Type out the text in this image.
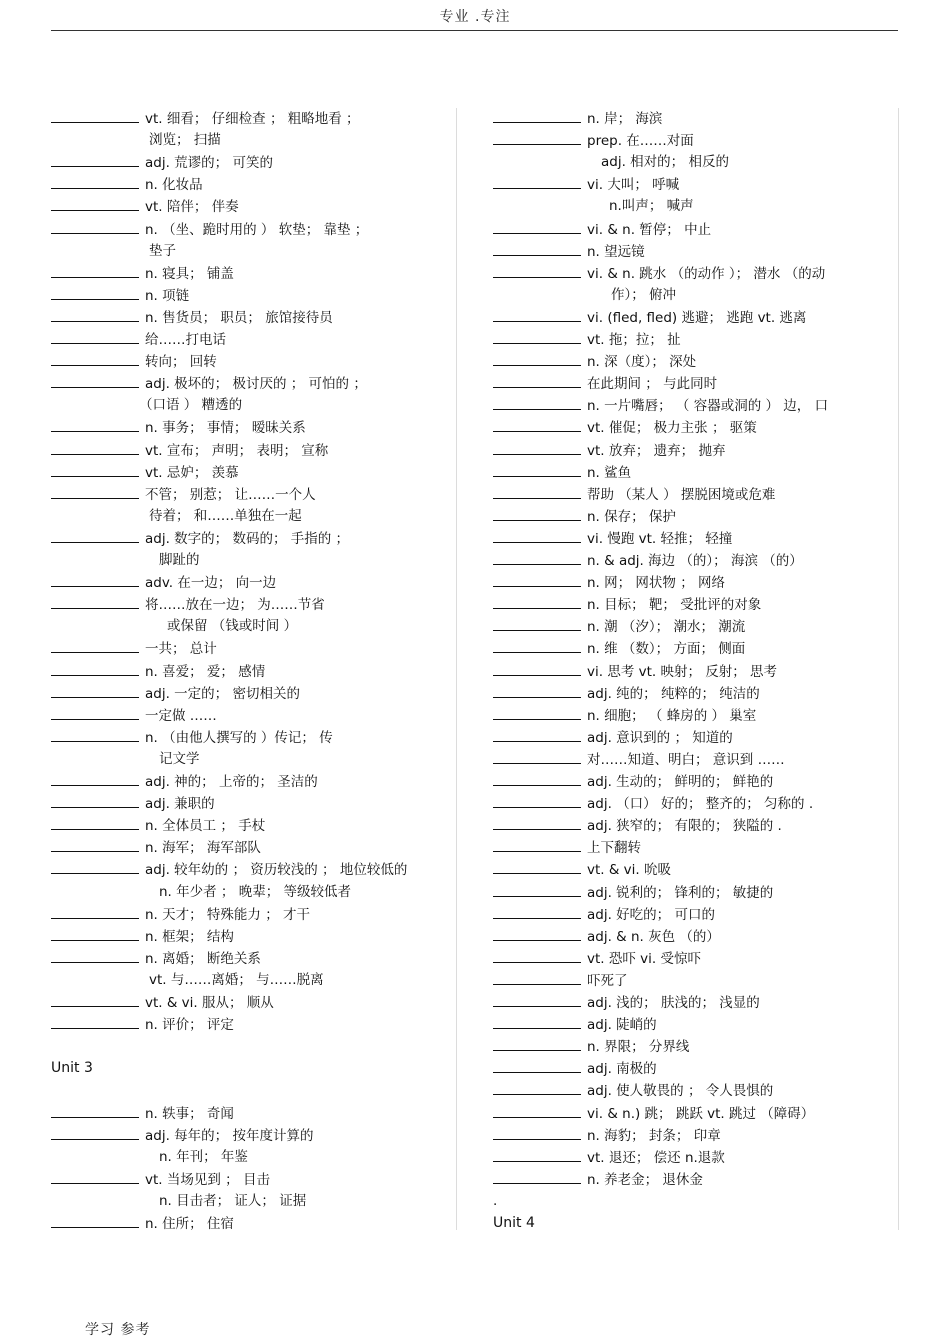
专业 .专注
vt. 细看； 仔细检查 ； 粗略地看 ；
浏览； 扫描
adj. 荒谬的； 可笑的
n. 化妆品
vt. 陪伴； 伴奏
n. （坐、跪时用的 ） 软垫； 靠垫 ；
垫子
n. 寝具； 铺盖
n. 项链
n. 售货员； 职员； 旅馆接待员
给……打电话
转向； 回转
adj. 极坏的； 极讨厌的 ； 可怕的 ；
（口语 ） 糟透的
n. 事务； 事情； 暧昧关系
vt. 宣布； 声明； 表明； 宣称
vt. 忌妒； 羡慕
不管； 别惹； 让……一个人
待着； 和……单独在一起
adj. 数字的； 数码的； 手指的 ；
脚趾的
adv. 在一边； 向一边
将……放在一边； 为……节省
或保留 （钱或时间 ）
一共； 总计
n. 喜爱； 爱； 感情
adj. 一定的； 密切相关的
一定做 ……
n. （由他人撰写的 ）传记； 传
记文学
adj. 神的； 上帝的； 圣洁的
adj. 兼职的
n. 全体员工 ； 手杖
n. 海军； 海军部队
adj. 较年幼的 ； 资历较浅的 ； 地位较低的
n. 年少者 ； 晚辈； 等级较低者
n. 天才； 特殊能力 ； 才干
n. 框架； 结构
n. 离婚； 断绝关系
vt. 与……离婚； 与……脱离
vt. & vi. 服从； 顺从
n. 评价； 评定
Unit 3
n. 轶事； 奇闻
adj. 每年的； 按年度计算的
n. 年刊； 年鉴
vt. 当场见到 ； 目击
n. 目击者； 证人； 证据
n. 住所； 住宿
n. 岸； 海滨
prep. 在……对面
adj. 相对的； 相反的
vi. 大叫； 呼喊
n.叫声； 喊声
vi. & n. 暂停； 中止
n. 望远镜
vi. & n. 跳水 （的动作 ）； 潜水 （的动
作）； 俯冲
vi. (fled, fled) 逃避； 逃跑 vt. 逃离
vt. 拖；拉； 扯
n. 深（度）； 深处
在此期间 ； 与此同时
n. 一片嘴唇； （ 容器或洞的 ） 边， 口
vt. 催促； 极力主张 ； 驱策
vt. 放弃； 遗弃； 抛弃
n. 鲨鱼
帮助 （某人 ） 摆脱困境或危难
n. 保存； 保护
vi. 慢跑 vt. 轻推； 轻撞
n. & adj. 海边 （的）； 海滨 （的）
n. 网； 网状物 ； 网络
n. 目标； 靶； 受批评的对象
n. 潮 （汐）； 潮水； 潮流
n. 维 （数）； 方面； 侧面
vi. 思考 vt. 映射； 反射； 思考
adj. 纯的； 纯粹的； 纯洁的
n. 细胞； （ 蜂房的 ） 巢室
adj. 意识到的 ； 知道的
对……知道、明白； 意识到 ……
adj. 生动的； 鲜明的； 鲜艳的
adj. （口） 好的； 整齐的； 匀称的 .
adj. 狭窄的； 有限的； 狭隘的 .
上下翻转
vt. & vi. 吮吸
adj. 锐利的； 锋利的； 敏捷的
adj. 好吃的； 可口的
adj. & n. 灰色 （的）
vt. 恐吓 vi. 受惊吓
吓死了
adj. 浅的； 肤浅的； 浅显的
adj. 陡峭的
n. 界限； 分界线
adj. 南极的
adj. 使人敬畏的 ； 令人畏惧的
vi. & n.) 跳； 跳跃 vt. 跳过 （障碍）
n. 海豹； 封条； 印章
vt. 退还； 偿还 n.退款
n. 养老金； 退休金
.
Unit 4
学习 参考
